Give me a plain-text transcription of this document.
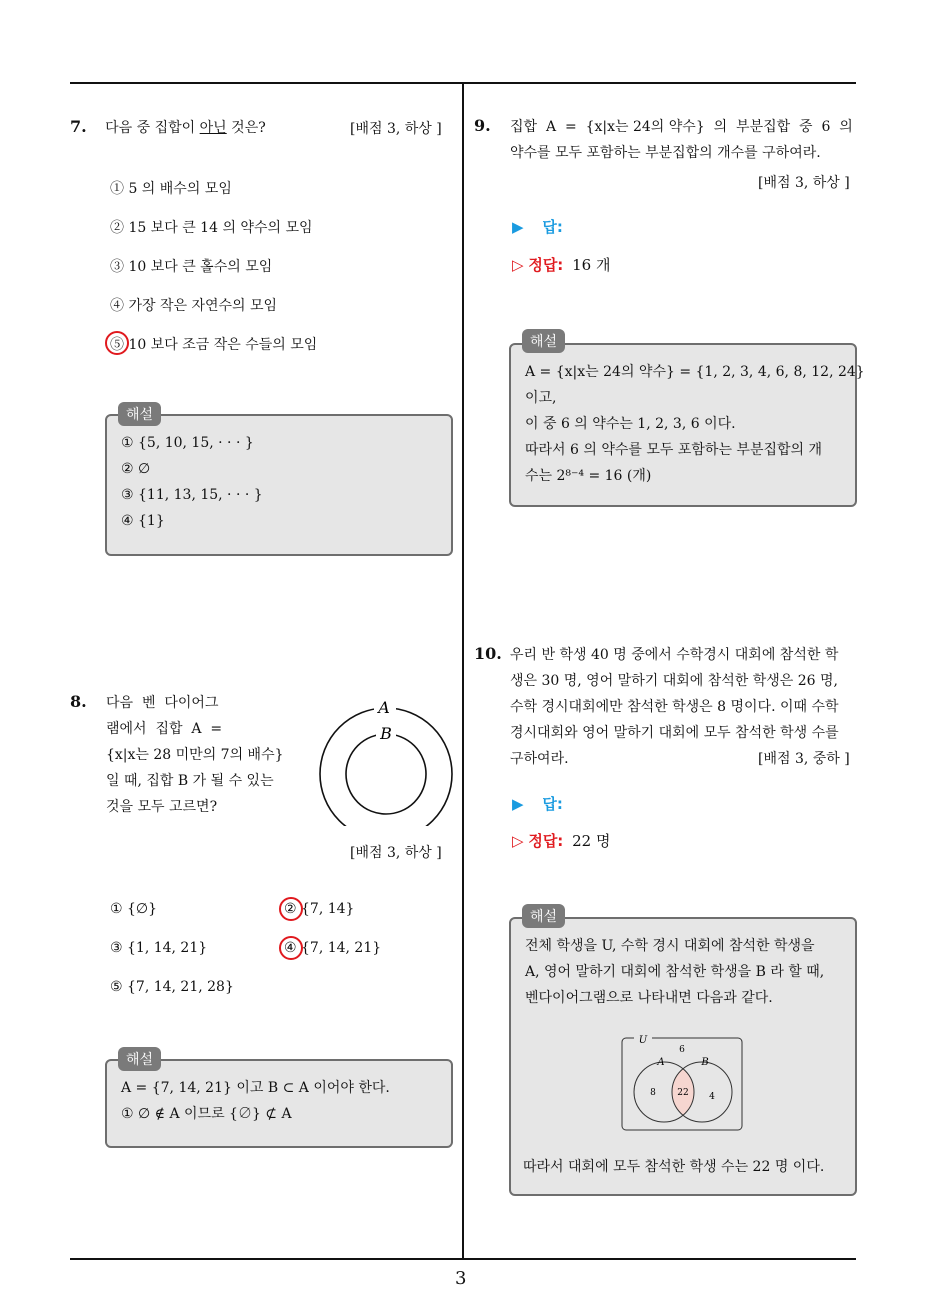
7. 다음 중 집합이 아닌 것은?	[배점 3, 하상 ]
① 5 의 배수의 모임
② 15 보다 큰 14 의 약수의 모임
③ 10 보다 큰 홀수의 모임
④ 가장 작은 자연수의 모임
⑤ 10 보다 조금 작은 수들의 모임
① {5, 10, 15, · · · }
② ∅
③ {11, 13, 15, · · · }
④ {1}
해설
8. 다음  벤  다이어그
램에서  집합  A  =
{x|x는 28 미만의 7의 배수}
일 때, 집합 B 가 될 수 있는
것을 모두 고르면?
A
B
[배점 3, 하상 ]
① {∅}	② {7, 14}
③ {1, 14, 21}	④ {7, 14, 21}
⑤ {7, 14, 21, 28}
A = {7, 14, 21} 이고 B ⊂ A 이어야 한다.
① ∅ ∉ A 이므로 {∅} ⊄ A
해설
9. 집합  A  =  {x|x는 24의 약수}  의  부분집합  중  6  의
약수를 모두 포함하는 부분집합의 개수를 구하여라.
[배점 3, 하상 ]
▶ 답:
▷ 정답: 16 개
A = {x|x는 24의 약수} = {1, 2, 3, 4, 6, 8, 12, 24}
이고,
이 중 6 의 약수는 1, 2, 3, 6 이다.
따라서 6 의 약수를 모두 포함하는 부분집합의 개
수는 2⁸⁻⁴ = 16 (개)
해설
10. 우리 반 학생 40 명 중에서 수학경시 대회에 참석한 학
생은 30 명, 영어 말하기 대회에 참석한 학생은 26 명,
수학 경시대회에만 참석한 학생은 8 명이다. 이때 수학
경시대회와 영어 말하기 대회에 모두 참석한 학생 수를
구하여라.	[배점 3, 중하 ]
▶ 답:
▷ 정답: 22 명
전체 학생을 U, 수학 경시 대회에 참석한 학생을
A, 영어 말하기 대회에 참석한 학생을 B 라 할 때,
벤다이어그램으로 나타내면 다음과 같다.
해설
U
6
A	B
8 22 4
따라서 대회에 모두 참석한 학생 수는 22 명 이다.
3
